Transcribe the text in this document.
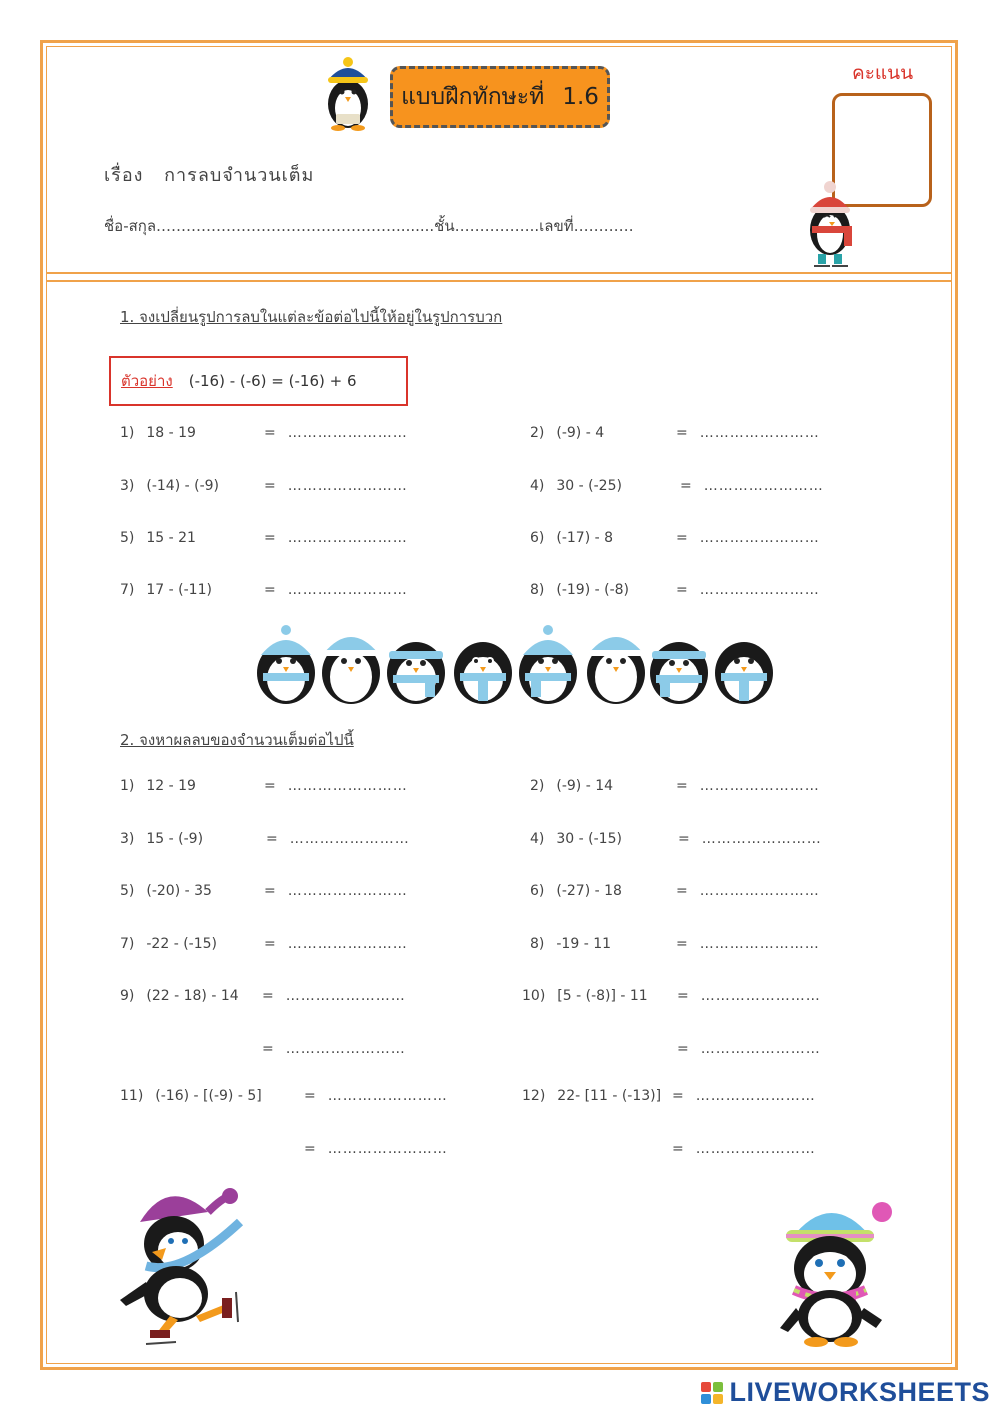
แบบฝึกทักษะที่ 1.6
คะแนน
เรื่อง การลบจำนวนเต็ม
ชื่อ-สกุล…………………………………………........ชั้น……………..เลขที่…………
1. จงเปลี่ยนรูปการลบในแต่ละข้อต่อไปนี้ให้อยู่ในรูปการบวก
ตัวอย่าง (-16) - (-6) = (-16) + 6
1) 18 - 19	= ……………………	2) (-9) - 4	= ……………………
3) (-14) - (-9)	= ……………………	4) 30 - (-25)	= ……………………
5) 15 - 21	= ……………………	6) (-17) - 8	= ……………………
7) 17 - (-11)	= ……………………	8) (-19) - (-8)	= ……………………
2. จงหาผลลบของจำนวนเต็มต่อไปนี้
1) 12 - 19	= ……………………	2) (-9) - 14	= ……………………
3) 15 - (-9)	= ……………………	4) 30 - (-15)	= ……………………
5) (-20) - 35	= ……………………	6) (-27) - 18	= ……………………
7) -22 - (-15)	= ……………………	8) -19 - 11	= ……………………
9) (22 - 18) - 14 = ……………………
= ……………………
10) [5 - (-8)] - 11 = ……………………
= ……………………
11) (-16) - [(-9) - 5]	= ……………………
= ……………………
12) 22- [11 - (-13)] = ……………………
= ……………………
LIVEWORKSHEETS
